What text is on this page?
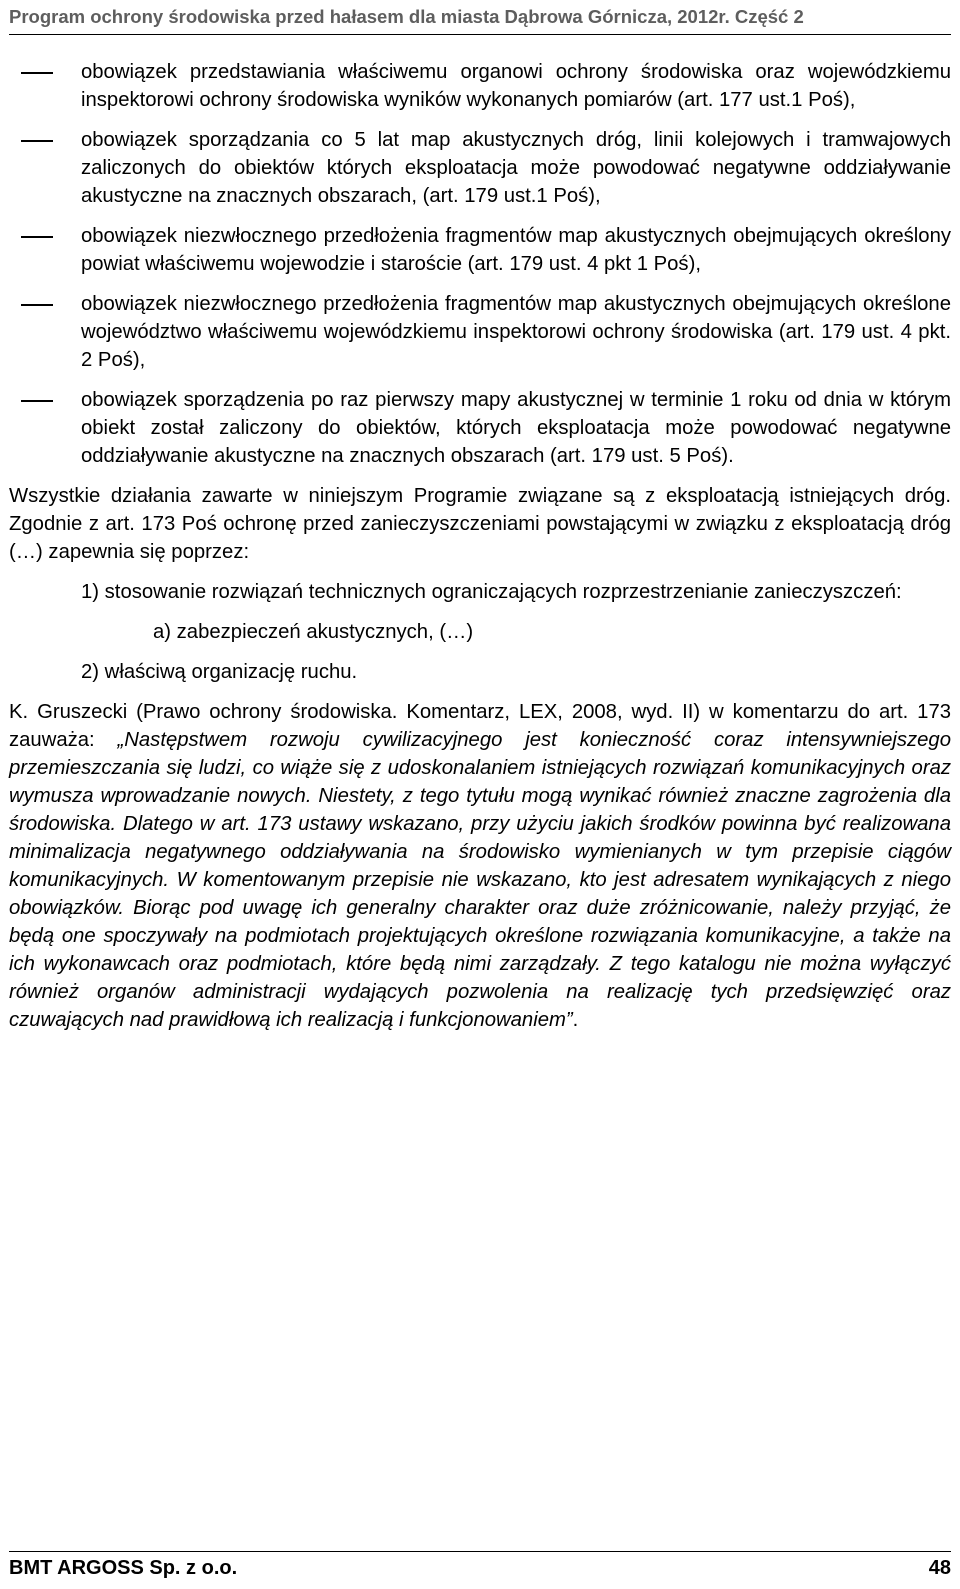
Program ochrony środowiska przed hałasem dla miasta Dąbrowa Górnicza, 2012r. Część 2
obowiązek przedstawiania właściwemu organowi ochrony środowiska oraz wojewódzkiemu inspektorowi ochrony środowiska wyników wykonanych pomiarów (art. 177 ust.1 Poś),
obowiązek sporządzania co 5 lat map akustycznych dróg, linii kolejowych i tramwajowych zaliczonych do obiektów których eksploatacja może powodować negatywne oddziaływanie akustyczne na znacznych obszarach, (art. 179 ust.1 Poś),
obowiązek niezwłocznego przedłożenia fragmentów map akustycznych obejmujących określony powiat właściwemu wojewodzie i staroście (art. 179 ust. 4 pkt 1 Poś),
obowiązek niezwłocznego przedłożenia fragmentów map akustycznych obejmujących określone województwo właściwemu wojewódzkiemu inspektorowi ochrony środowiska (art. 179 ust. 4 pkt. 2 Poś),
obowiązek sporządzenia po raz pierwszy mapy akustycznej w terminie 1 roku od dnia w którym obiekt został zaliczony do obiektów, których eksploatacja może powodować negatywne oddziaływanie akustyczne na znacznych obszarach (art. 179 ust. 5 Poś).
Wszystkie działania zawarte w niniejszym Programie związane są z eksploatacją istniejących dróg. Zgodnie z art. 173 Poś ochronę przed zanieczyszczeniami powstającymi w związku z eksploatacją dróg (…) zapewnia się poprzez:
1) stosowanie rozwiązań technicznych ograniczających rozprzestrzenianie zanieczyszczeń:
a) zabezpieczeń akustycznych, (…)
2) właściwą organizację ruchu.
K. Gruszecki (Prawo ochrony środowiska. Komentarz, LEX, 2008, wyd. II) w komentarzu do art. 173 zauważa: „Następstwem rozwoju cywilizacyjnego jest konieczność coraz intensywniejszego przemieszczania się ludzi, co wiąże się z udoskonalaniem istniejących rozwiązań komunikacyjnych oraz wymusza wprowadzanie nowych. Niestety, z tego tytułu mogą wynikać również znaczne zagrożenia dla środowiska. Dlatego w art. 173 ustawy wskazano, przy użyciu jakich środków powinna być realizowana minimalizacja negatywnego oddziaływania na środowisko wymienianych w tym przepisie ciągów komunikacyjnych. W komentowanym przepisie nie wskazano, kto jest adresatem wynikających z niego obowiązków. Biorąc pod uwagę ich generalny charakter oraz duże zróżnicowanie, należy przyjąć, że będą one spoczywały na podmiotach projektujących określone rozwiązania komunikacyjne, a także na ich wykonawcach oraz podmiotach, które będą nimi zarządzały. Z tego katalogu nie można wyłączyć również organów administracji wydających pozwolenia na realizację tych przedsięwzięć oraz czuwających nad prawidłową ich realizacją i funkcjonowaniem”.
BMT ARGOSS Sp. z o.o.	48
